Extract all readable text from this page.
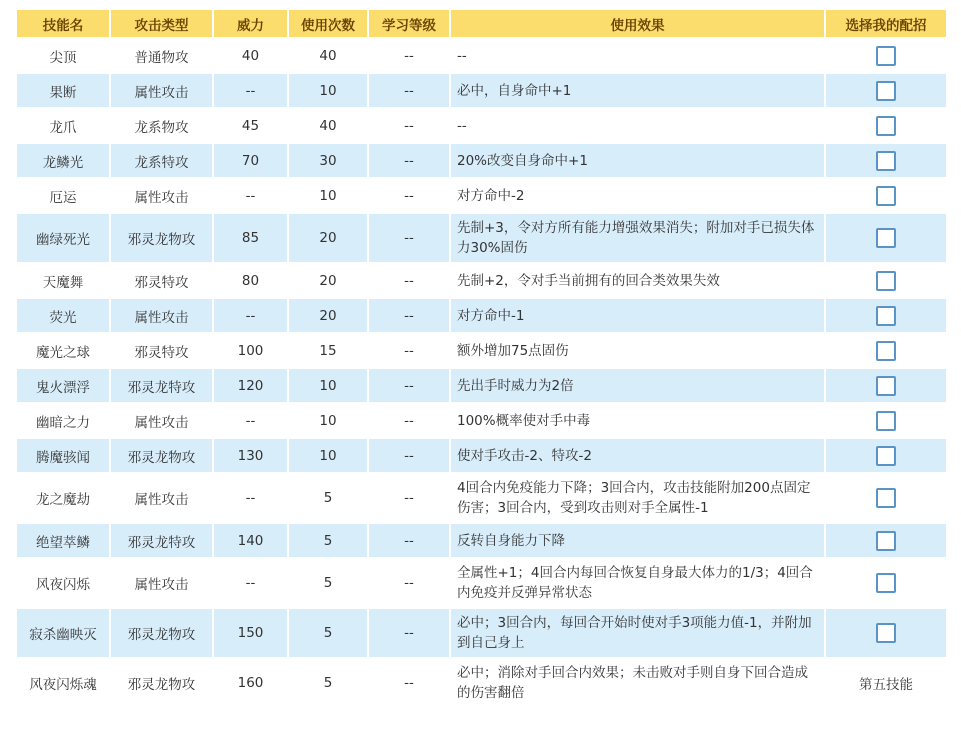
技能名	攻击类型	威力	使用次数	学习等级	使用效果	选择我的配招
尖顶	普通物攻	40	40	--	--	
果断	属性攻击	--	10	--	必中，自身命中+1	
龙爪	龙系物攻	45	40	--	--	
龙鳞光	龙系特攻	70	30	--	20%改变自身命中+1	
厄运	属性攻击	--	10	--	对方命中-2	
幽绿死光	邪灵龙物攻	85	20	--	先制+3，令对方所有能力增强效果消失；附加对手已损失体力30%固伤	
天魔舞	邪灵特攻	80	20	--	先制+2，令对手当前拥有的回合类效果失效	
荧光	属性攻击	--	20	--	对方命中-1	
魔光之球	邪灵特攻	100	15	--	额外增加75点固伤	
鬼火漂浮	邪灵龙特攻	120	10	--	先出手时威力为2倍	
幽暗之力	属性攻击	--	10	--	100%概率使对手中毒	
腾魔骇闻	邪灵龙物攻	130	10	--	使对手攻击-2、特攻-2	
龙之魔劫	属性攻击	--	5	--	4回合内免疫能力下降；3回合内，攻击技能附加200点固定伤害；3回合内，受到攻击则对手全属性-1	
绝望萃鳞	邪灵龙特攻	140	5	--	反转自身能力下降	
风夜闪烁	属性攻击	--	5	--	全属性+1；4回合内每回合恢复自身最大体力的1/3；4回合内免疫并反弹异常状态	
寂杀幽映灭	邪灵龙物攻	150	5	--	必中；3回合内，每回合开始时使对手3项能力值-1，并附加到自己身上	
风夜闪烁魂	邪灵龙物攻	160	5	--	必中；消除对手回合内效果；未击败对手则自身下回合造成的伤害翻倍	第五技能
